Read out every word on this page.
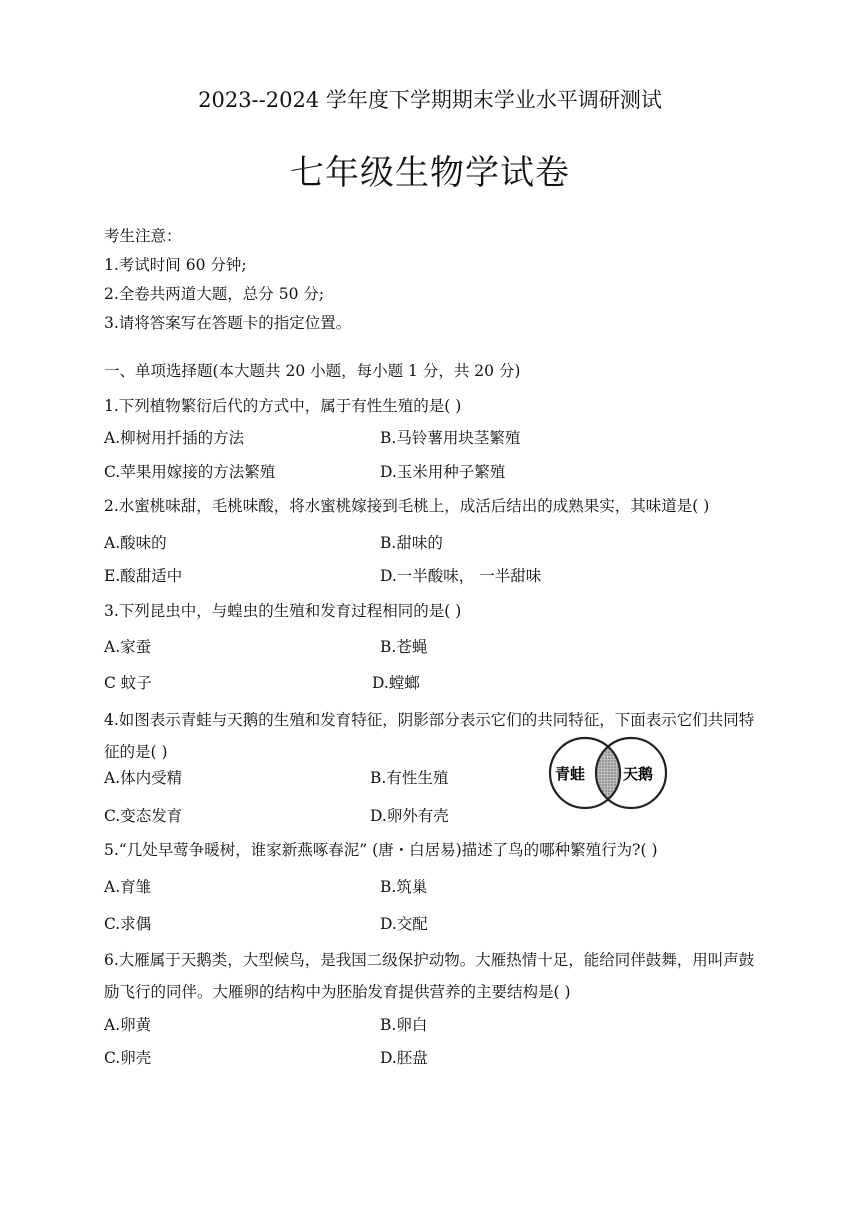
2023--2024 学年度下学期期末学业水平调研测试
七年级生物学试卷
考生注意：
1.考试时间 60 分钟;
2.全卷共两道大题，总分 50 分;
3.请将答案写在答题卡的指定位置。
一、单项选择题(本大题共 20 小题，每小题 1 分，共 20 分)
1.下列植物繁衍后代的方式中，属于有性生殖的是( )
A.柳树用扦插的方法	B.马铃薯用块茎繁殖
C.苹果用嫁接的方法繁殖	D.玉米用种子繁殖
2.水蜜桃味甜，毛桃味酸，将水蜜桃嫁接到毛桃上，成活后结出的成熟果实，其味道是( )
A.酸味的	B.甜味的
E.酸甜适中	D.一半酸味， 一半甜味
3.下列昆虫中，与蝗虫的生殖和发育过程相同的是( )
A.家蚕	B.苍蝇
C 蚊子	D.螳螂
4.如图表示青蛙与天鹅的生殖和发育特征，阴影部分表示它们的共同特征，下面表示它们共同特征的是( )
A.体内受精	B.有性生殖
C.变态发育	D.卵外有壳
青蛙	天鹅
5.“几处早莺争暖树，谁家新燕啄春泥” (唐・白居易)描述了鸟的哪种繁殖行为?( )
A.育雏	B.筑巢
C.求偶	D.交配
6.大雁属于天鹅类，大型候鸟，是我国二级保护动物。大雁热情十足，能给同伴鼓舞，用叫声鼓励飞行的同伴。大雁卵的结构中为胚胎发育提供营养的主要结构是( )
A.卵黄	B.卵白
C.卵壳	D.胚盘
